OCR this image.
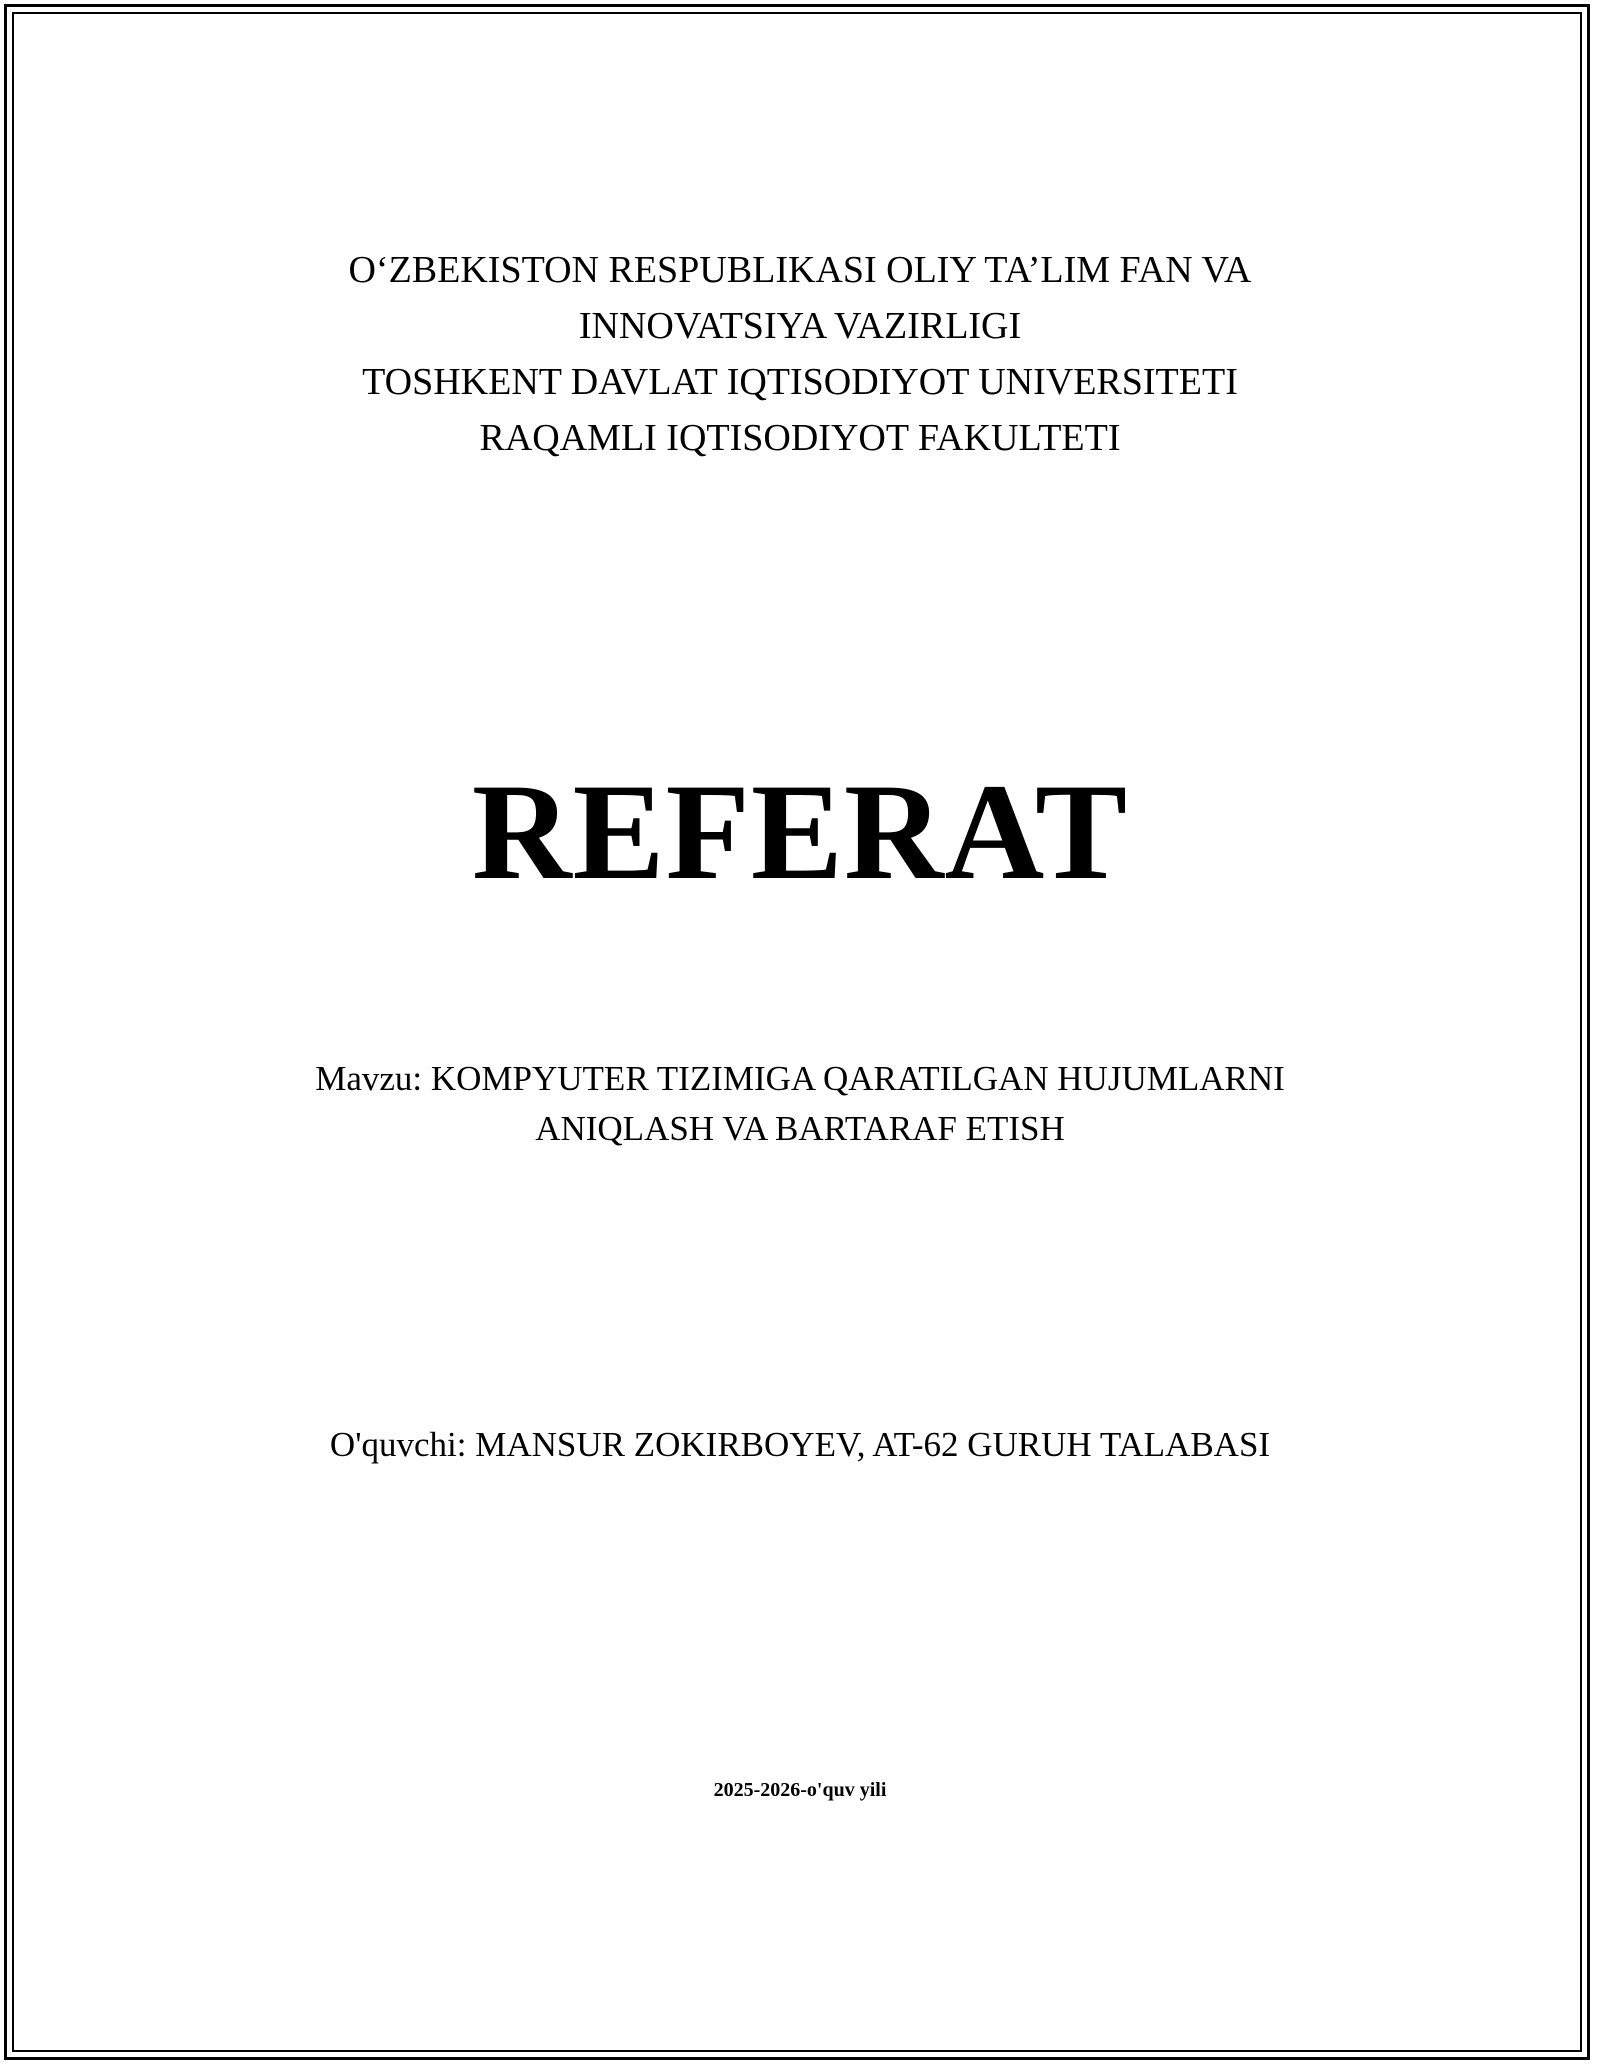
O‘ZBEKISTON RESPUBLIKASI OLIY TA’LIM FAN VA
INNOVATSIYA VAZIRLIGI
TOSHKENT DAVLAT IQTISODIYOT UNIVERSITETI
RAQAMLI IQTISODIYOT FAKULTETI
REFERAT
Mavzu: KOMPYUTER TIZIMIGA QARATILGAN HUJUMLARNI
ANIQLASH VA BARTARAF ETISH
O'quvchi: MANSUR ZOKIRBOYEV, AT-62 GURUH TALABASI
2025-2026-o'quv yili
